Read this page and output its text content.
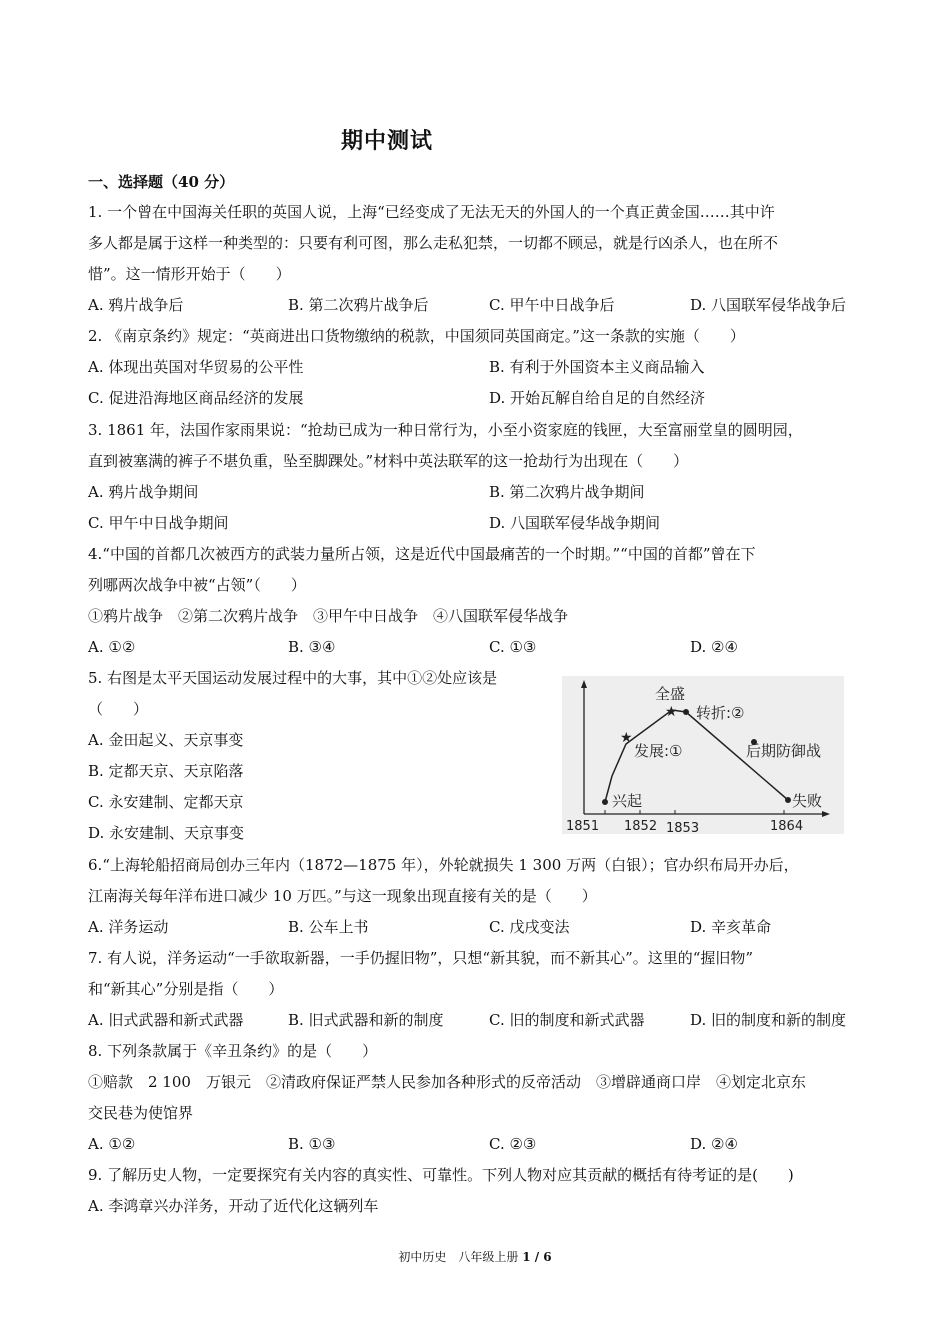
期中测试
一、选择题（40 分）
1. 一个曾在中国海关任职的英国人说，上海“已经变成了无法无天的外国人的一个真正黄金国……其中许
多人都是属于这样一种类型的：只要有利可图，那么走私犯禁，一切都不顾忌，就是行凶杀人，也在所不
惜”。这一情形开始于（　　）
A. 鸦片战争后	B. 第二次鸦片战争后	C. 甲午中日战争后	D. 八国联军侵华战争后
2. 《南京条约》规定：“英商进出口货物缴纳的税款，中国须同英国商定。”这一条款的实施（　　）
A. 体现出英国对华贸易的公平性	B. 有利于外国资本主义商品输入
C. 促进沿海地区商品经济的发展	D. 开始瓦解自给自足的自然经济
3. 1861 年，法国作家雨果说：“抢劫已成为一种日常行为，小至小资家庭的钱匣，大至富丽堂皇的圆明园，
直到被塞满的裤子不堪负重，坠至脚踝处。”材料中英法联军的这一抢劫行为出现在（　　）
A. 鸦片战争期间	B. 第二次鸦片战争期间
C. 甲午中日战争期间	D. 八国联军侵华战争期间
4.“中国的首都几次被西方的武装力量所占领，这是近代中国最痛苦的一个时期。”“中国的首都”曾在下
列哪两次战争中被“占领”（　　）
①鸦片战争　②第二次鸦片战争　③甲午中日战争　④八国联军侵华战争
A. ①②	B. ③④	C. ①③	D. ②④
5. 右图是太平天国运动发展过程中的大事，其中①②处应该是
（　　）
A. 金田起义、天京事变
B. 定都天京、天京陷落
C. 永安建制、定都天京
D. 永安建制、天京事变
6.“上海轮船招商局创办三年内（1872—1875 年），外轮就损失 1 300 万两（白银）；官办织布局开办后，
江南海关每年洋布进口减少 10 万匹。”与这一现象出现直接有关的是（　　）
A. 洋务运动	B. 公车上书	C. 戊戌变法	D. 辛亥革命
7. 有人说，洋务运动“一手欲取新器，一手仍握旧物”，只想“新其貌，而不新其心”。这里的“握旧物”
和“新其心”分别是指（　　）
A. 旧式武器和新式武器	B. 旧式武器和新的制度	C. 旧的制度和新式武器	D. 旧的制度和新的制度
8. 下列条款属于《辛丑条约》的是（　　）
①赔款　2 100　万银元　②清政府保证严禁人民参加各种形式的反帝活动　③增辟通商口岸　④划定北京东
交民巷为使馆界
A. ①②	B. ①③	C. ②③	D. ②④
9. 了解历史人物，一定要探究有关内容的真实性、可靠性。下列人物对应其贡献的概括有待考证的是(　　)
A. 李鸿章兴办洋务，开动了近代化这辆列车
★
★
全盛
转折:②
发展:①	后期防御战
兴起	失败
1851 1852 1853	1864
初中历史　八年级上册 1 / 6
